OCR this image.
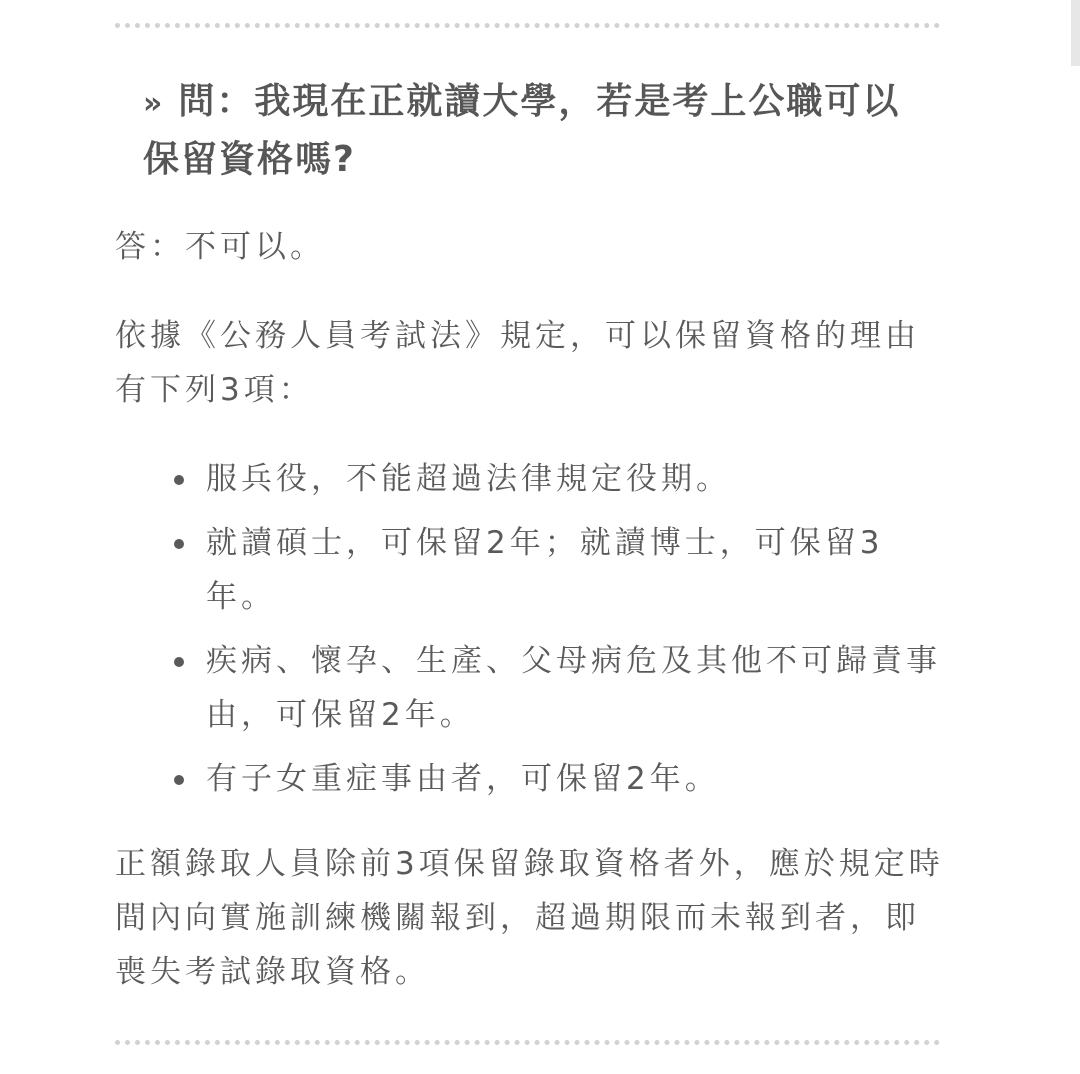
» 問：我現在正就讀大學，若是考上公職可以保留資格嗎?

答：不可以。

依據《公務人員考試法》規定，可以保留資格的理由有下列3項：

服兵役，不能超過法律規定役期。
就讀碩士，可保留2年；就讀博士，可保留3年。
疾病、懷孕、生產、父母病危及其他不可歸責事由，可保留2年。
有子女重症事由者，可保留2年。

正額錄取人員除前3項保留錄取資格者外，應於規定時間內向實施訓練機關報到，超過期限而未報到者，即喪失考試錄取資格。
